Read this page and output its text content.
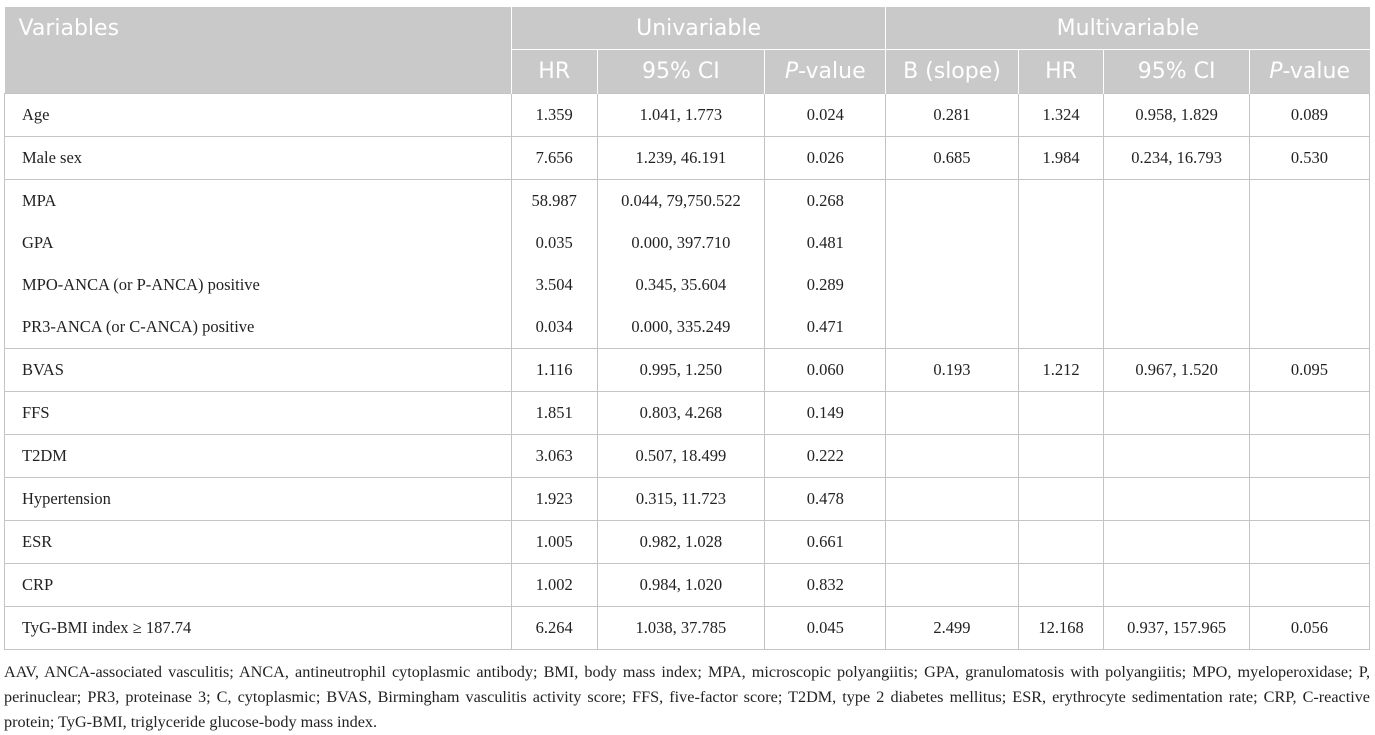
Variables	Univariable			Multivariable			

	HR	95% CI	P-value	B (slope)	HR	95% CI	P-value
Age	1.359	1.041, 1.773	0.024	0.281	1.324	0.958, 1.829	0.089
Male sex	7.656	1.239, 46.191	0.026	0.685	1.984	0.234, 16.793	0.530
MPA	58.987	0.044, 79,750.522	0.268				
GPA	0.035	0.000, 397.710	0.481				
MPO-ANCA (or P-ANCA) positive	3.504	0.345, 35.604	0.289				
PR3-ANCA (or C-ANCA) positive	0.034	0.000, 335.249	0.471				
BVAS	1.116	0.995, 1.250	0.060	0.193	1.212	0.967, 1.520	0.095
FFS	1.851	0.803, 4.268	0.149				
T2DM	3.063	0.507, 18.499	0.222				
Hypertension	1.923	0.315, 11.723	0.478				
ESR	1.005	0.982, 1.028	0.661				
CRP	1.002	0.984, 1.020	0.832				
TyG-BMI index ≥ 187.74	6.264	1.038, 37.785	0.045	2.499	12.168	0.937, 157.965	0.056
AAV, ANCA-associated vasculitis; ANCA, antineutrophil cytoplasmic antibody; BMI, body mass index; MPA, microscopic polyangiitis; GPA, granulomatosis with polyangiitis; MPO, myeloperoxidase; P, perinuclear; PR3, proteinase 3; C, cytoplasmic; BVAS, Birmingham vasculitis activity score; FFS, five-factor score; T2DM, type 2 diabetes mellitus; ESR, erythrocyte sedimentation rate; CRP, C-reactive protein; TyG-BMI, triglyceride glucose-body mass index.
